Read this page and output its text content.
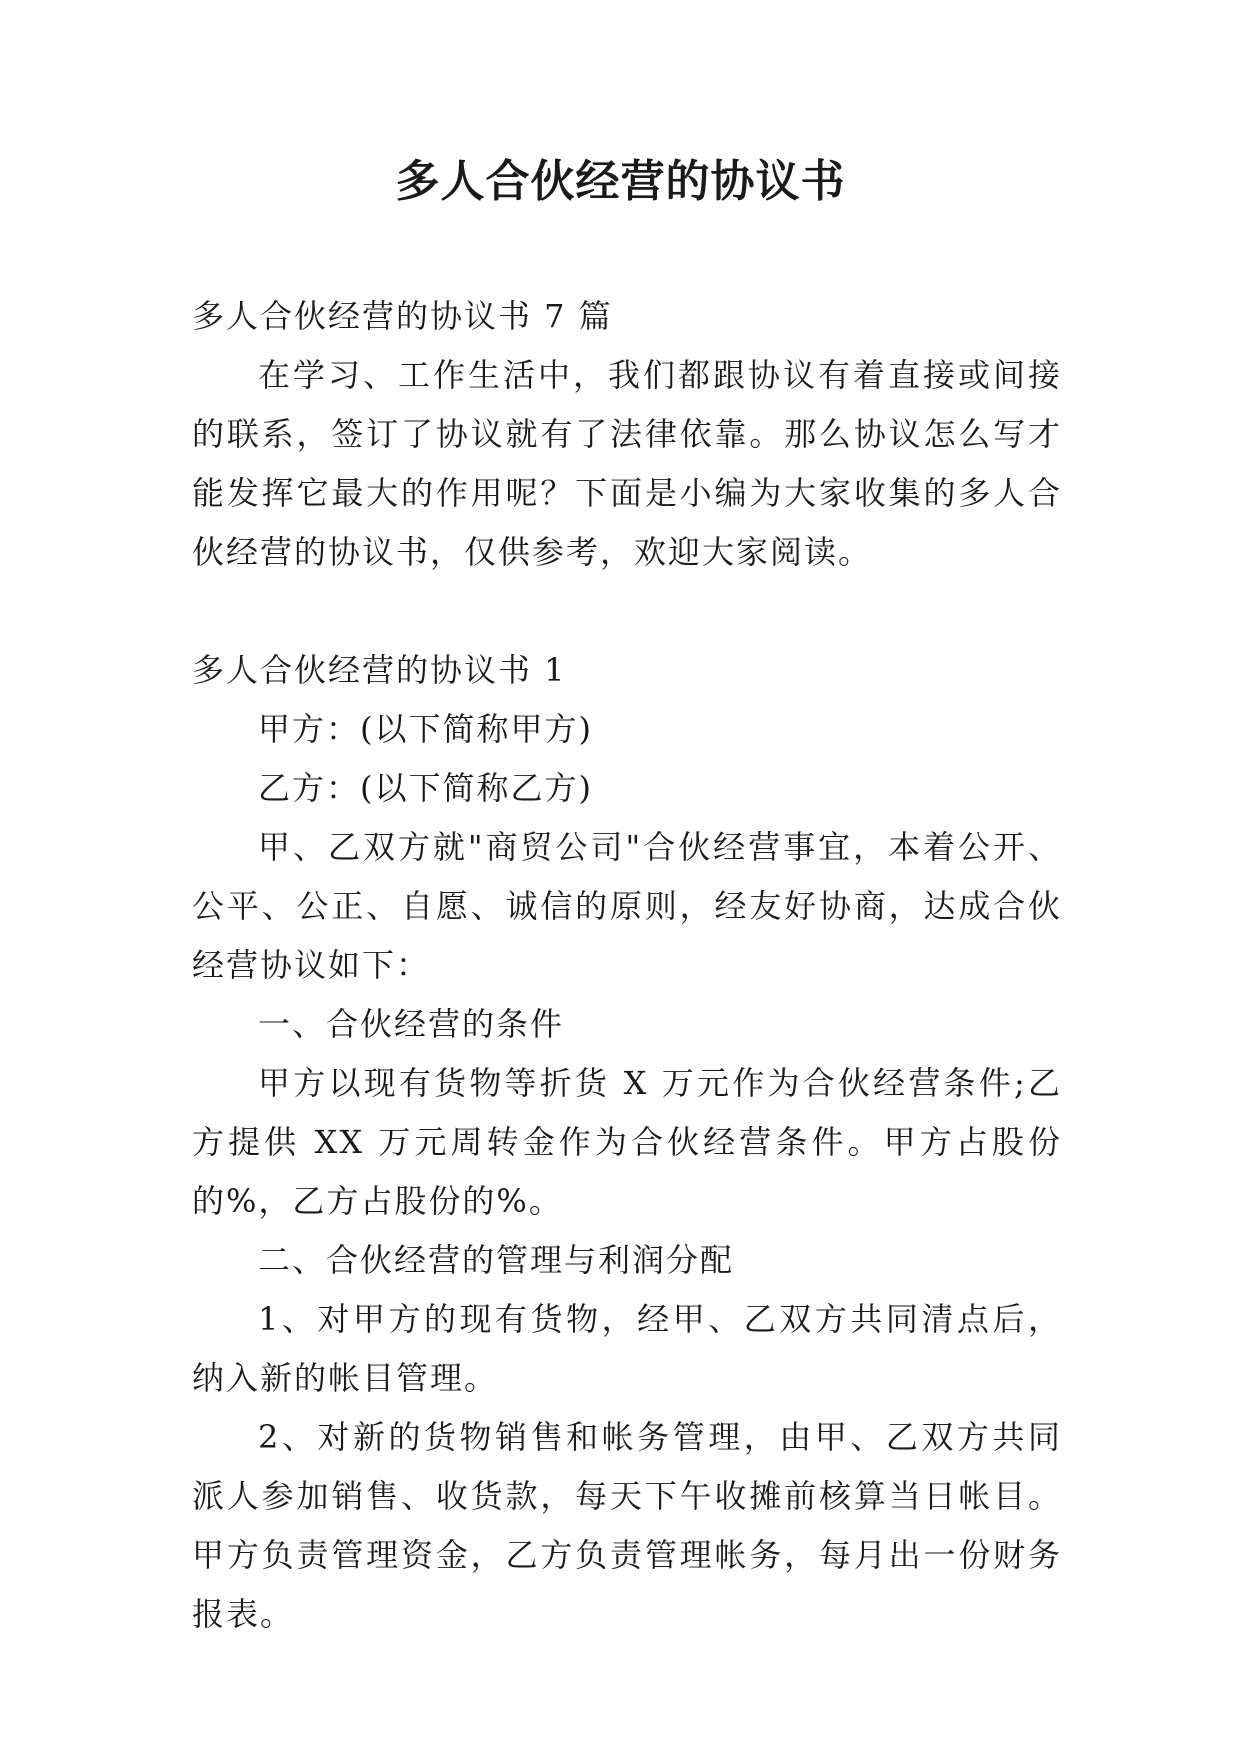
多人合伙经营的协议书

多人合伙经营的协议书 7 篇

在学习、工作生活中，我们都跟协议有着直接或间接的联系，签订了协议就有了法律依靠。那么协议怎么写才能发挥它最大的作用呢？下面是小编为大家收集的多人合伙经营的协议书，仅供参考，欢迎大家阅读。

多人合伙经营的协议书 1

甲方：(以下简称甲方)

乙方：(以下简称乙方)

甲、乙双方就"商贸公司"合伙经营事宜，本着公开、公平、公正、自愿、诚信的原则，经友好协商，达成合伙经营协议如下：

一、合伙经营的条件

甲方以现有货物等折货 X 万元作为合伙经营条件;乙方提供 XX 万元周转金作为合伙经营条件。甲方占股份的%，乙方占股份的%。

二、合伙经营的管理与利润分配

1、对甲方的现有货物，经甲、乙双方共同清点后，纳入新的帐目管理。

2、对新的货物销售和帐务管理，由甲、乙双方共同派人参加销售、收货款，每天下午收摊前核算当日帐目。甲方负责管理资金，乙方负责管理帐务，每月出一份财务报表。
